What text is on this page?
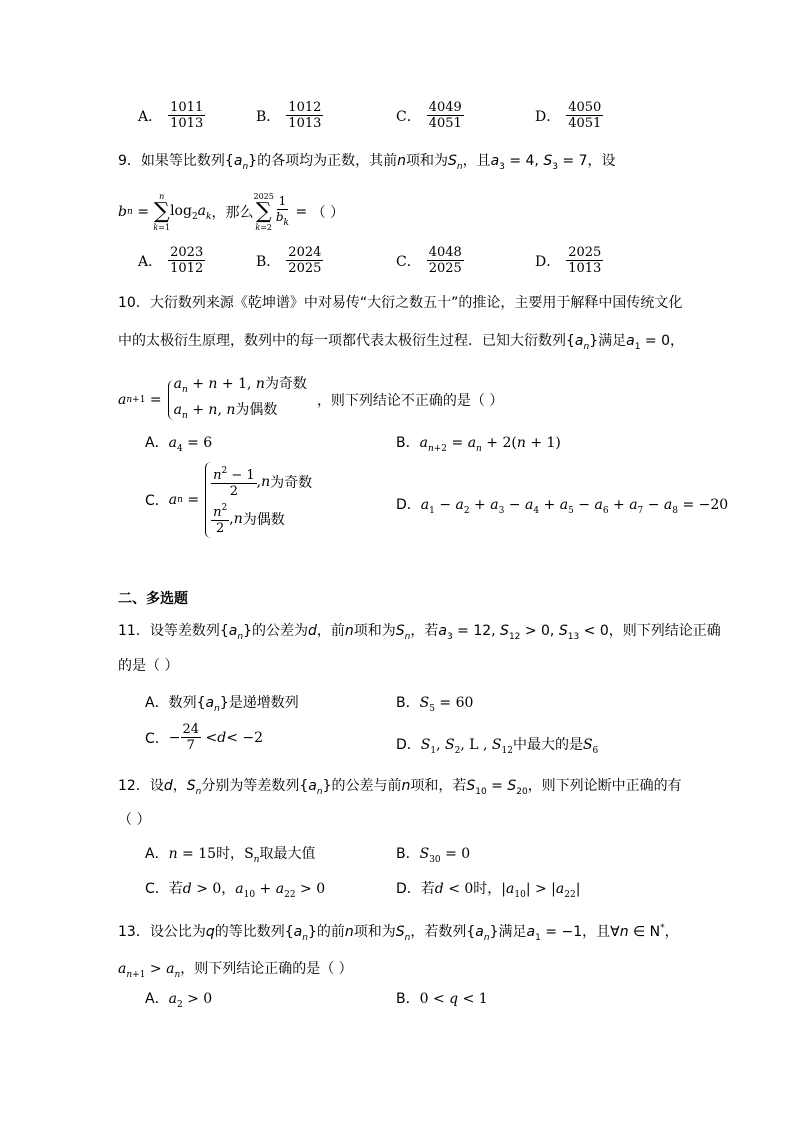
A． $\frac{1011}{1013}$	B． $\frac{1012}{1013}$	C． $\frac{4049}{4051}$	D． $\frac{4050}{4051}$
9．如果等比数列$\{a_n\}$的各项均为正数，其前n项和为$S_n$，且$a_3 = 4$, $S_3 = 7$，设
b n =
n
∑
k=1
$\log_2a_k$ ，那么
2025
∑
$k=2 \frac{1}{b_k}$ = （ ）
A． $\frac{2023}{1012}$	B． $\frac{2024}{2025}$	C． $\frac{4048}{2025}$	D． $\frac{2025}{1013}$
10．大衍数列来源《乾坤谱》中对易传“大衍之数五十”的推论，主要用于解释中国传统文化
中的太极衍生原理，数列中的每一项都代表太极衍生过程．已知大衍数列$\{a_n\}$满足$a_1 = 0$，
a n+1 =
$a_n + n + 1$, n为奇数
$a_n + n$, n为偶数
，则下列结论不正确的是（ ）
A．$a_4 = 6$	B．$a_{n+2} = a_n + 2(n + 1)$
C． a n =
$\frac{n^2 - 1}{2}$ , n 为奇数
$\frac{n^2}{2}$ , n 为偶数
D．$a_1 - a_2 + a_3 - a_4 + a_5 - a_6 + a_7 - a_8 = -20$
二、多选题
11．设等差数列$\{a_n\}$的公差为d，前n项和为$S_n$，若$a_3 = 12$, $S_{12} > 0$, $S_{13} < 0$，则下列结论正确
的是（ ）
A．数列$\{a_n\}$是递增数列	B．$S_5 = 60$
C． − $\frac{24}{7} < d < -2$	D．$S_1$, $S_2$, L , $S_{12}$中最大的是$S_6$
12．设d，$S_n$分别为等差数列$\{a_n\}$的公差与前n项和，若$S_{10} = S_{20}$，则下列论断中正确的有
（ ）
A．n = 15时，$S_n$取最大值	B．$S_{30} = 0$
C．若d > 0，$a_{10} + a_{22} > 0$	D．若d < 0时，$|a_{10}| > |a_{22}|$
13．设公比为q的等比数列$\{a_n\}$的前n项和为$S_n$，若数列$\{a_n\}$满足$a_1 = -1$，且∀n ∈ N*，
$a_{n+1} > a_n$，则下列结论正确的是（ ）
A．$a_2 > 0$	B．0 < q < 1
